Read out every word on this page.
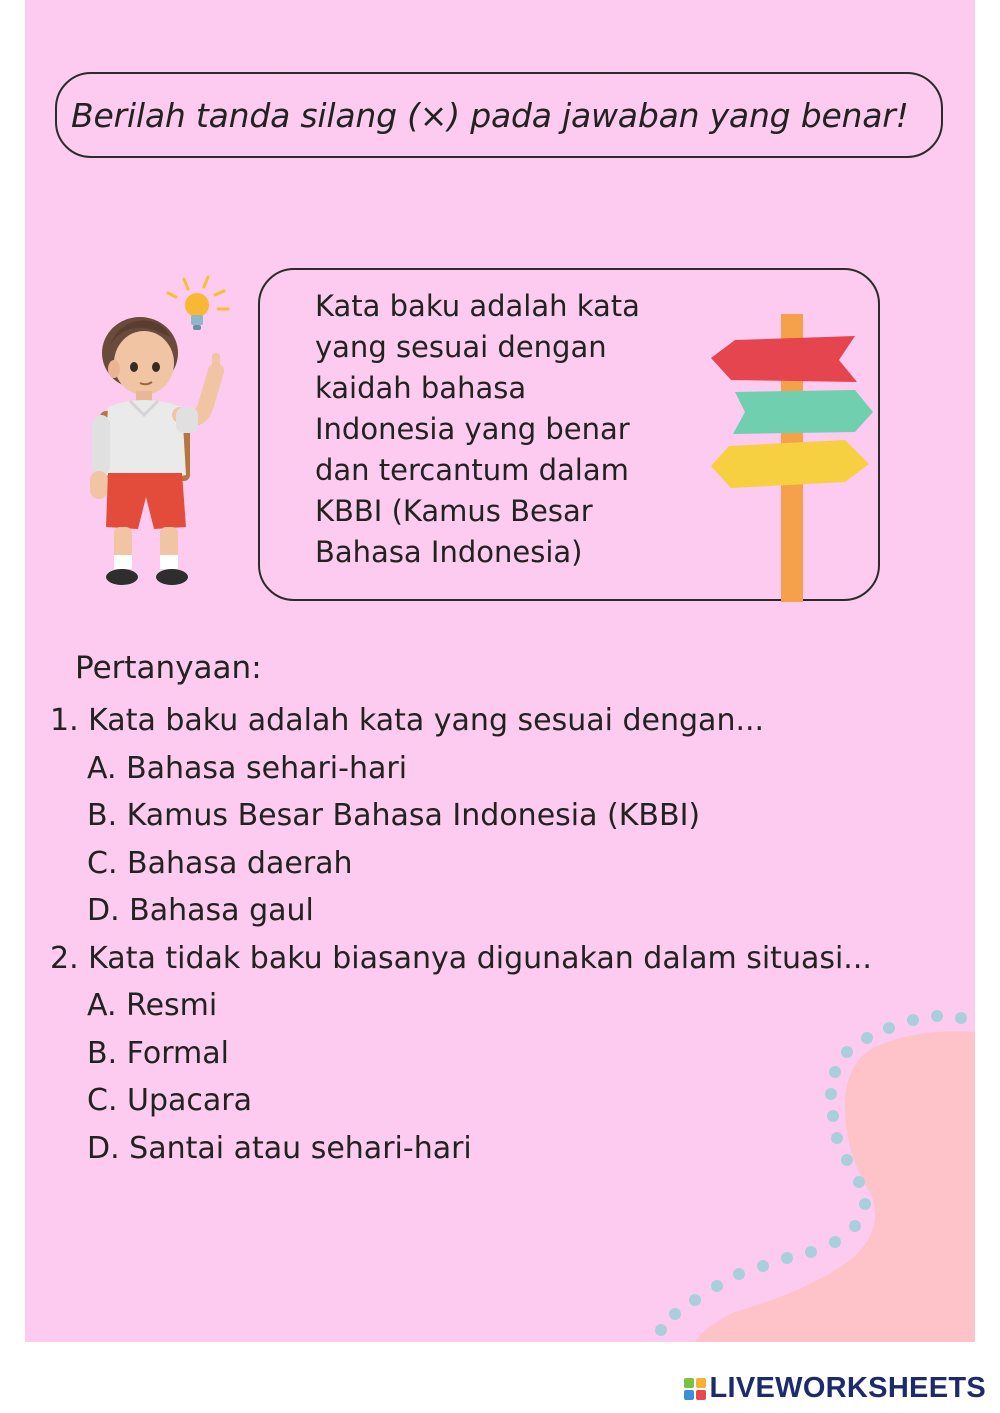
Berilah tanda silang (×) pada jawaban yang benar!
Kata baku adalah kata
yang sesuai dengan
kaidah bahasa
Indonesia yang benar
dan tercantum dalam
KBBI (Kamus Besar
Bahasa Indonesia)

Pertanyaan:

1. Kata baku adalah kata yang sesuai dengan...

A. Bahasa sehari-hari

B. Kamus Besar Bahasa Indonesia (KBBI)

C. Bahasa daerah

D. Bahasa gaul

2. Kata tidak baku biasanya digunakan dalam situasi...

A. Resmi

B. Formal

C. Upacara

D. Santai atau sehari-hari

LIVEWORKSHEETS
